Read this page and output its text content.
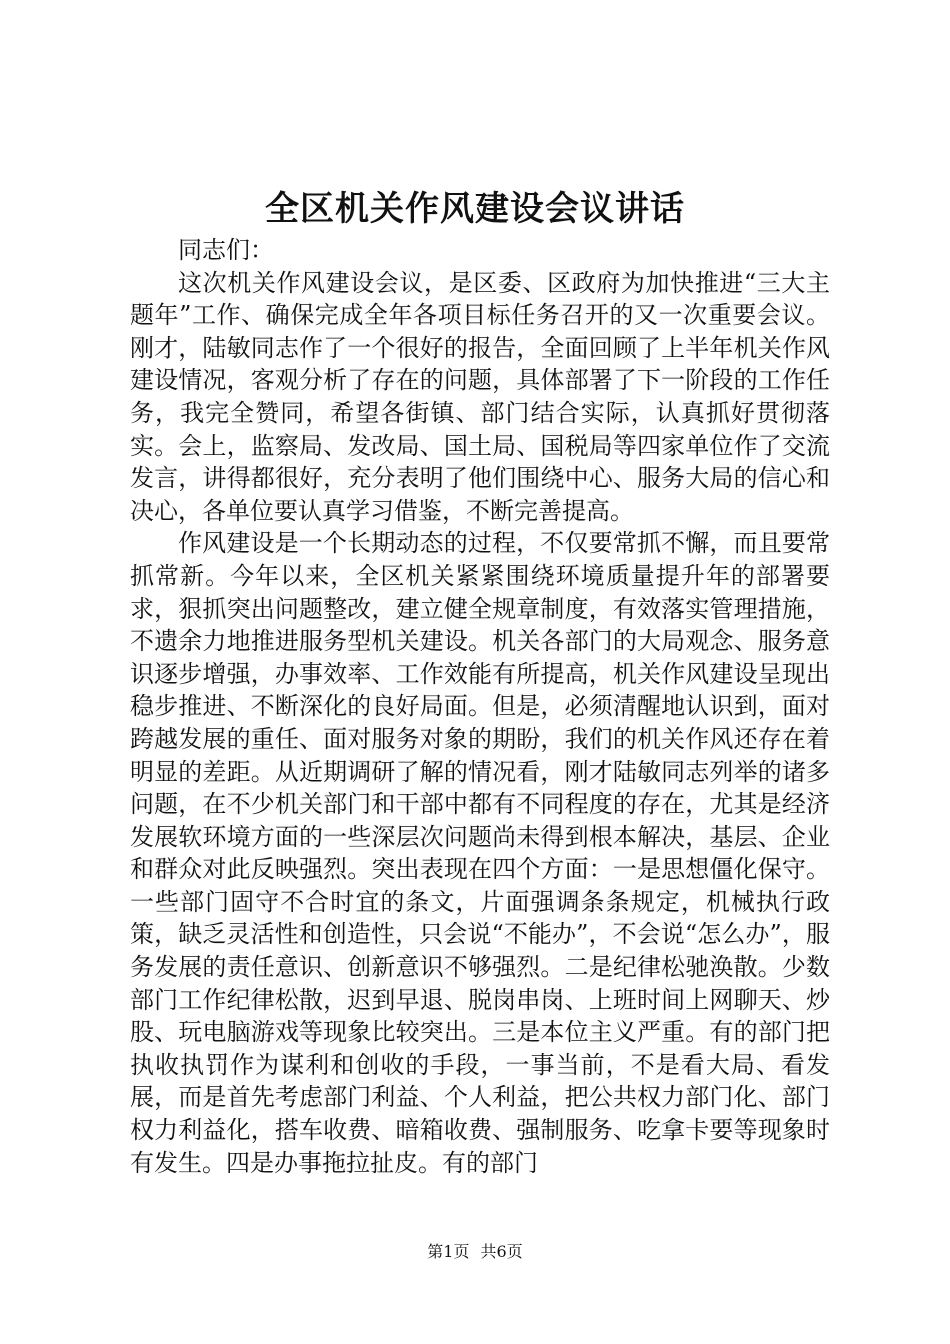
全区机关作风建设会议讲话

同志们：

这次机关作风建设会议，是区委、区政府为加快推进“三大主题年”工作、确保完成全年各项目标任务召开的又一次重要会议。刚才，陆敏同志作了一个很好的报告，全面回顾了上半年机关作风建设情况，客观分析了存在的问题，具体部署了下一阶段的工作任务，我完全赞同，希望各街镇、部门结合实际，认真抓好贯彻落实。会上，监察局、发改局、国土局、国税局等四家单位作了交流发言，讲得都很好，充分表明了他们围绕中心、服务大局的信心和决心，各单位要认真学习借鉴，不断完善提高。

作风建设是一个长期动态的过程，不仅要常抓不懈，而且要常抓常新。今年以来，全区机关紧紧围绕环境质量提升年的部署要求，狠抓突出问题整改，建立健全规章制度，有效落实管理措施，不遗余力地推进服务型机关建设。机关各部门的大局观念、服务意识逐步增强，办事效率、工作效能有所提高，机关作风建设呈现出稳步推进、不断深化的良好局面。但是，必须清醒地认识到，面对跨越发展的重任、面对服务对象的期盼，我们的机关作风还存在着明显的差距。从近期调研了解的情况看，刚才陆敏同志列举的诸多问题，在不少机关部门和干部中都有不同程度的存在，尤其是经济发展软环境方面的一些深层次问题尚未得到根本解决，基层、企业和群众对此反映强烈。突出表现在四个方面：一是思想僵化保守。一些部门固守不合时宜的条文，片面强调条条规定，机械执行政策，缺乏灵活性和创造性，只会说“不能办”，不会说“怎么办”，服务发展的责任意识、创新意识不够强烈。二是纪律松驰涣散。少数部门工作纪律松散，迟到早退、脱岗串岗、上班时间上网聊天、炒股、玩电脑游戏等现象比较突出。三是本位主义严重。有的部门把执收执罚作为谋利和创收的手段，一事当前，不是看大局、看发展，而是首先考虑部门利益、个人利益，把公共权力部门化、部门权力利益化，搭车收费、暗箱收费、强制服务、吃拿卡要等现象时有发生。四是办事拖拉扯皮。有的部门

第1页 共6页
